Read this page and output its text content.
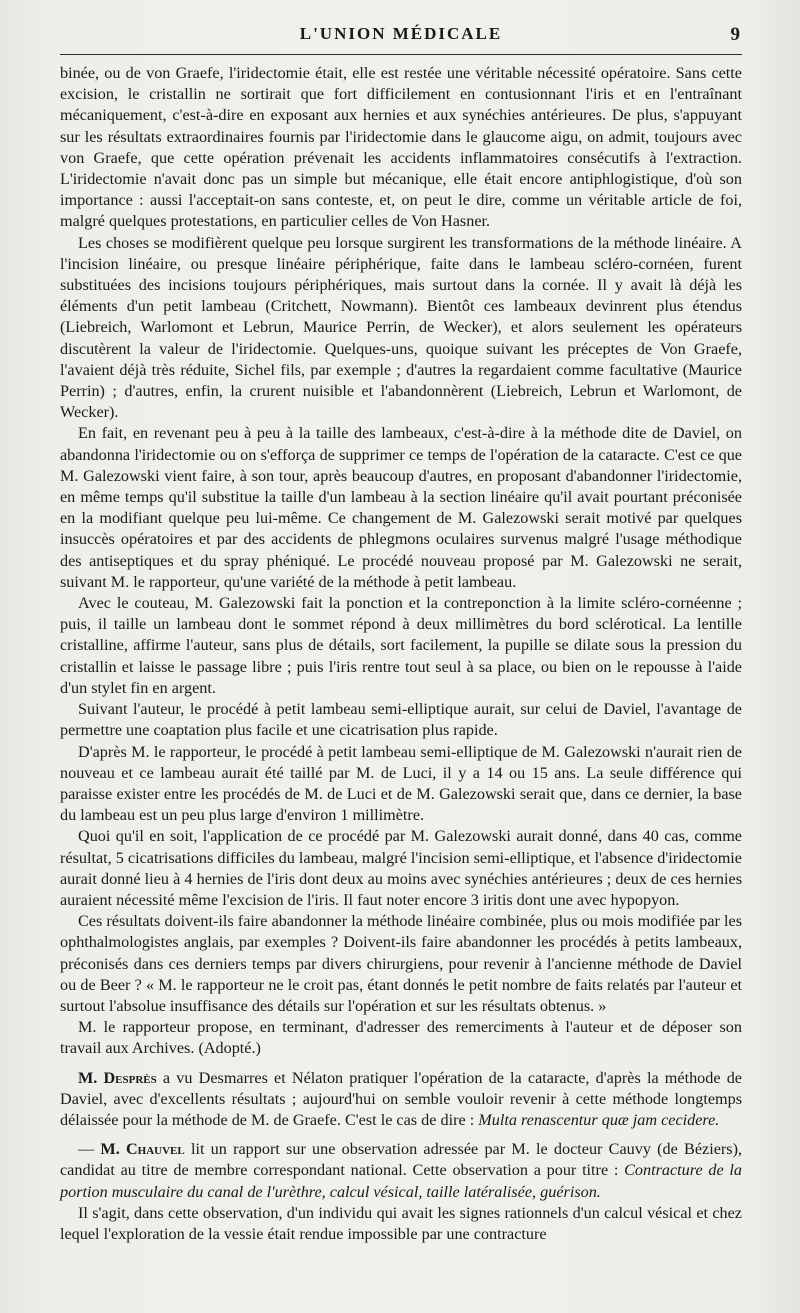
L'UNION MÉDICALE	9

binée, ou de von Graefe, l'iridectomie était, elle est restée une véritable nécessité opératoire. Sans cette excision, le cristallin ne sortirait que fort difficilement en contusionnant l'iris et en l'entraînant mécaniquement, c'est-à-dire en exposant aux hernies et aux synéchies antérieures. De plus, s'appuyant sur les résultats extraordinaires fournis par l'iridectomie dans le glaucome aigu, on admit, toujours avec von Graefe, que cette opération prévenait les accidents inflammatoires consécutifs à l'extraction. L'iridectomie n'avait donc pas un simple but mécanique, elle était encore antiphlogistique, d'où son importance : aussi l'acceptait-on sans conteste, et, on peut le dire, comme un véritable article de foi, malgré quelques protestations, en particulier celles de Von Hasner.

Les choses se modifièrent quelque peu lorsque surgirent les transformations de la méthode linéaire. A l'incision linéaire, ou presque linéaire périphérique, faite dans le lambeau scléro-cornéen, furent substituées des incisions toujours périphériques, mais surtout dans la cornée. Il y avait là déjà les éléments d'un petit lambeau (Critchett, Nowmann). Bientôt ces lambeaux devinrent plus étendus (Liebreich, Warlomont et Lebrun, Maurice Perrin, de Wecker), et alors seulement les opérateurs discutèrent la valeur de l'iridectomie. Quelques-uns, quoique suivant les préceptes de Von Graefe, l'avaient déjà très réduite, Sichel fils, par exemple ; d'autres la regardaient comme facultative (Maurice Perrin) ; d'autres, enfin, la crurent nuisible et l'abandonnèrent (Liebreich, Lebrun et Warlomont, de Wecker).

En fait, en revenant peu à peu à la taille des lambeaux, c'est-à-dire à la méthode dite de Daviel, on abandonna l'iridectomie ou on s'efforça de supprimer ce temps de l'opération de la cataracte. C'est ce que M. Galezowski vient faire, à son tour, après beaucoup d'autres, en proposant d'abandonner l'iridectomie, en même temps qu'il substitue la taille d'un lambeau à la section linéaire qu'il avait pourtant préconisée en la modifiant quelque peu lui-même. Ce changement de M. Galezowski serait motivé par quelques insuccès opératoires et par des accidents de phlegmons oculaires survenus malgré l'usage méthodique des antiseptiques et du spray phéniqué. Le procédé nouveau proposé par M. Galezowski ne serait, suivant M. le rapporteur, qu'une variété de la méthode à petit lambeau.

Avec le couteau, M. Galezowski fait la ponction et la contreponction à la limite scléro-cornéenne ; puis, il taille un lambeau dont le sommet répond à deux millimètres du bord sclérotical. La lentille cristalline, affirme l'auteur, sans plus de détails, sort facilement, la pupille se dilate sous la pression du cristallin et laisse le passage libre ; puis l'iris rentre tout seul à sa place, ou bien on le repousse à l'aide d'un stylet fin en argent.

Suivant l'auteur, le procédé à petit lambeau semi-elliptique aurait, sur celui de Daviel, l'avantage de permettre une coaptation plus facile et une cicatrisation plus rapide.

D'après M. le rapporteur, le procédé à petit lambeau semi-elliptique de M. Galezowski n'aurait rien de nouveau et ce lambeau aurait été taillé par M. de Luci, il y a 14 ou 15 ans. La seule différence qui paraisse exister entre les procédés de M. de Luci et de M. Galezowski serait que, dans ce dernier, la base du lambeau est un peu plus large d'environ 1 millimètre.

Quoi qu'il en soit, l'application de ce procédé par M. Galezowski aurait donné, dans 40 cas, comme résultat, 5 cicatrisations difficiles du lambeau, malgré l'incision semi-elliptique, et l'absence d'iridectomie aurait donné lieu à 4 hernies de l'iris dont deux au moins avec synéchies antérieures ; deux de ces hernies auraient nécessité même l'excision de l'iris. Il faut noter encore 3 iritis dont une avec hypopyon.

Ces résultats doivent-ils faire abandonner la méthode linéaire combinée, plus ou mois modifiée par les ophthalmologistes anglais, par exemples ? Doivent-ils faire abandonner les procédés à petits lambeaux, préconisés dans ces derniers temps par divers chirurgiens, pour revenir à l'ancienne méthode de Daviel ou de Beer ? « M. le rapporteur ne le croit pas, étant donnés le petit nombre de faits relatés par l'auteur et surtout l'absolue insuffisance des détails sur l'opération et sur les résultats obtenus. »

M. le rapporteur propose, en terminant, d'adresser des remerciments à l'auteur et de déposer son travail aux Archives. (Adopté.)

M. Desprès a vu Desmarres et Nélaton pratiquer l'opération de la cataracte, d'après la méthode de Daviel, avec d'excellents résultats ; aujourd'hui on semble vouloir revenir à cette méthode longtemps délaissée pour la méthode de M. de Graefe. C'est le cas de dire : Multa renascentur quæ jam cecidere.

— M. Chauvel lit un rapport sur une observation adressée par M. le docteur Cauvy (de Béziers), candidat au titre de membre correspondant national. Cette observation a pour titre : Contracture de la portion musculaire du canal de l'urèthre, calcul vésical, taille latéralisée, guérison.

Il s'agit, dans cette observation, d'un individu qui avait les signes rationnels d'un calcul vésical et chez lequel l'exploration de la vessie était rendue impossible par une contracture
